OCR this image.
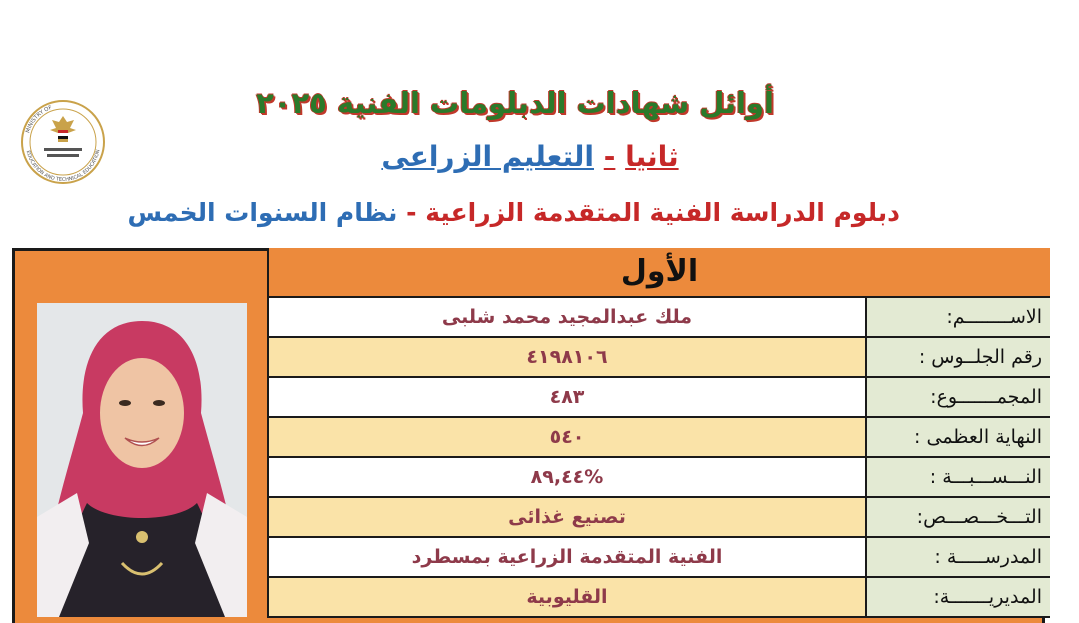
MINISTRY OF
EDUCATION AND TECHNICAL EDUCATION
أوائل شهادات الدبلومات الفنية ٢٠٢٥
ثانيا - التعليم الزراعى
دبلوم الدراسة الفنية المتقدمة الزراعية - نظام السنوات الخمس
الأول
ملك عبدالمجيد محمد شلبى	الاســــــــم:
٤١٩٨١٠٦	رقم الجلــوس :
٤٨٣	المجمـــــــوع:
٥٤٠	النهاية العظمى :
%٨٩,٤٤	النـــســـبـــة :
تصنيع غذائى	التـــخـــصـــص:
الفنية المتقدمة الزراعية بمسطرد	المدرســـــة :
القليوبية	المديريـــــــة:
